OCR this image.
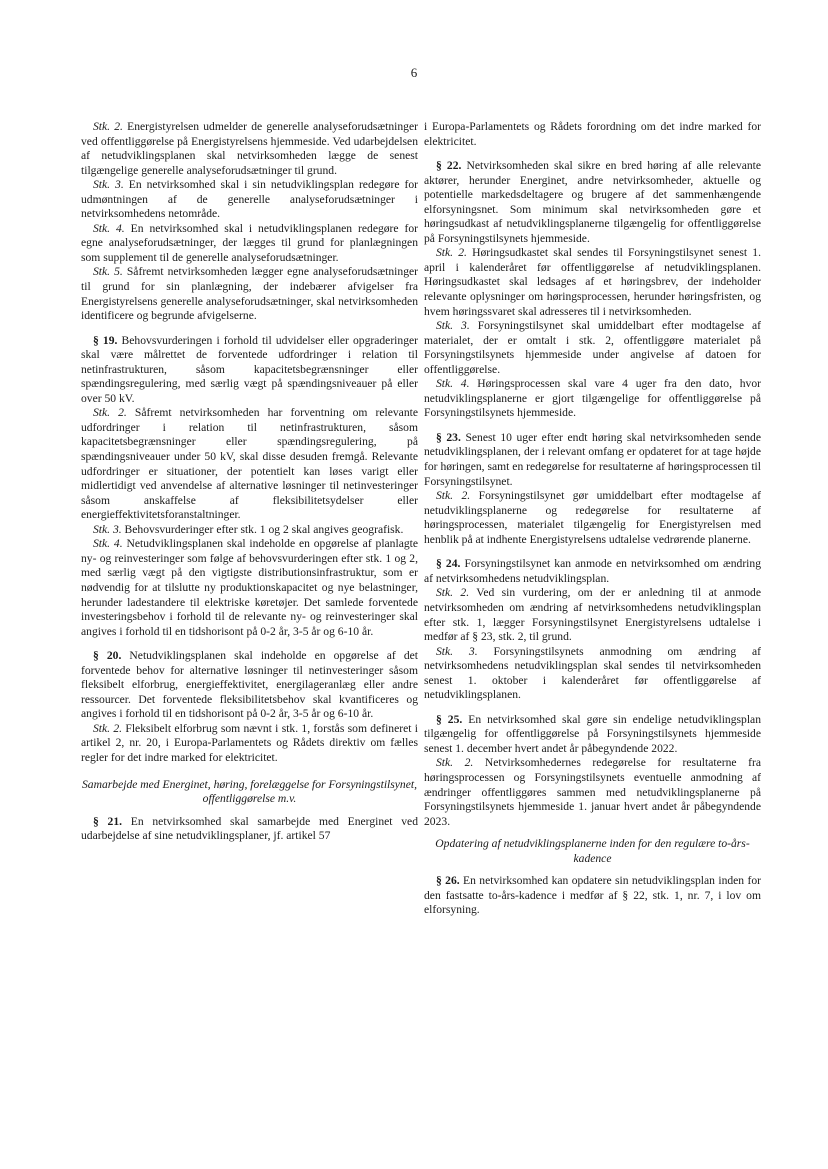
6

Stk. 2. Energistyrelsen udmelder de generelle analyseforudsætninger ved offentliggørelse på Energistyrelsens hjemmeside. Ved udarbejdelsen af netudviklingsplanen skal netvirksomheden lægge de senest tilgængelige generelle analyseforudsætninger til grund.

Stk. 3. En netvirksomhed skal i sin netudviklingsplan redegøre for udmøntningen af de generelle analyseforudsætninger i netvirksomhedens netområde.

Stk. 4. En netvirksomhed skal i netudviklingsplanen redegøre for egne analyseforudsætninger, der lægges til grund for planlægningen som supplement til de generelle analyseforudsætninger.

Stk. 5. Såfremt netvirksomheden lægger egne analyseforudsætninger til grund for sin planlægning, der indebærer afvigelser fra Energistyrelsens generelle analyseforudsætninger, skal netvirksomheden identificere og begrunde afvigelserne.

§ 19. Behovsvurderingen i forhold til udvidelser eller opgraderinger skal være målrettet de forventede udfordringer i relation til netinfrastrukturen, såsom kapacitetsbegrænsninger eller spændingsregulering, med særlig vægt på spændingsniveauer på eller over 50 kV.

Stk. 2. Såfremt netvirksomheden har forventning om relevante udfordringer i relation til netinfrastrukturen, såsom kapacitetsbegrænsninger eller spændingsregulering, på spændingsniveauer under 50 kV, skal disse desuden fremgå. Relevante udfordringer er situationer, der potentielt kan løses varigt eller midlertidigt ved anvendelse af alternative løsninger til netinvesteringer såsom anskaffelse af fleksibilitetsydelser eller energieffektivitetsforanstaltninger.

Stk. 3. Behovsvurderinger efter stk. 1 og 2 skal angives geografisk.

Stk. 4. Netudviklingsplanen skal indeholde en opgørelse af planlagte ny- og reinvesteringer som følge af behovsvurderingen efter stk. 1 og 2, med særlig vægt på den vigtigste distributionsinfrastruktur, som er nødvendig for at tilslutte ny produktionskapacitet og nye belastninger, herunder ladestandere til elektriske køretøjer. Det samlede forventede investeringsbehov i forhold til de relevante ny- og reinvesteringer skal angives i forhold til en tidshorisont på 0-2 år, 3-5 år og 6-10 år.

§ 20. Netudviklingsplanen skal indeholde en opgørelse af det forventede behov for alternative løsninger til netinvesteringer såsom fleksibelt elforbrug, energieffektivitet, energilageranlæg eller andre ressourcer. Det forventede fleksibilitetsbehov skal kvantificeres og angives i forhold til en tidshorisont på 0-2 år, 3-5 år og 6-10 år.

Stk. 2. Fleksibelt elforbrug som nævnt i stk. 1, forstås som defineret i artikel 2, nr. 20, i Europa-Parlamentets og Rådets direktiv om fælles regler for det indre marked for elektricitet.

Samarbejde med Energinet, høring, forelæggelse for Forsyningstilsynet, offentliggørelse m.v.

§ 21. En netvirksomhed skal samarbejde med Energinet ved udarbejdelse af sine netudviklingsplaner, jf. artikel 57

i Europa-Parlamentets og Rådets forordning om det indre marked for elektricitet.

§ 22. Netvirksomheden skal sikre en bred høring af alle relevante aktører, herunder Energinet, andre netvirksomheder, aktuelle og potentielle markedsdeltagere og brugere af det sammenhængende elforsyningsnet. Som minimum skal netvirksomheden gøre et høringsudkast af netudviklingsplanerne tilgængelig for offentliggørelse på Forsyningstilsynets hjemmeside.

Stk. 2. Høringsudkastet skal sendes til Forsyningstilsynet senest 1. april i kalenderåret før offentliggørelse af netudviklingsplanen. Høringsudkastet skal ledsages af et høringsbrev, der indeholder relevante oplysninger om høringsprocessen, herunder høringsfristen, og hvem høringssvaret skal adresseres til i netvirksomheden.

Stk. 3. Forsyningstilsynet skal umiddelbart efter modtagelse af materialet, der er omtalt i stk. 2, offentliggøre materialet på Forsyningstilsynets hjemmeside under angivelse af datoen for offentliggørelse.

Stk. 4. Høringsprocessen skal vare 4 uger fra den dato, hvor netudviklingsplanerne er gjort tilgængelige for offentliggørelse på Forsyningstilsynets hjemmeside.

§ 23. Senest 10 uger efter endt høring skal netvirksomheden sende netudviklingsplanen, der i relevant omfang er opdateret for at tage højde for høringen, samt en redegørelse for resultaterne af høringsprocessen til Forsyningstilsynet.

Stk. 2. Forsyningstilsynet gør umiddelbart efter modtagelse af netudviklingsplanerne og redegørelse for resultaterne af høringsprocessen, materialet tilgængelig for Energistyrelsen med henblik på at indhente Energistyrelsens udtalelse vedrørende planerne.

§ 24. Forsyningstilsynet kan anmode en netvirksomhed om ændring af netvirksomhedens netudviklingsplan.

Stk. 2. Ved sin vurdering, om der er anledning til at anmode netvirksomheden om ændring af netvirksomhedens netudviklingsplan efter stk. 1, lægger Forsyningstilsynet Energistyrelsens udtalelse i medfør af § 23, stk. 2, til grund.

Stk. 3. Forsyningstilsynets anmodning om ændring af netvirksomhedens netudviklingsplan skal sendes til netvirksomheden senest 1. oktober i kalenderåret før offentliggørelse af netudviklingsplanen.

§ 25. En netvirksomhed skal gøre sin endelige netudviklingsplan tilgængelig for offentliggørelse på Forsyningstilsynets hjemmeside senest 1. december hvert andet år påbegyndende 2022.

Stk. 2. Netvirksomhedernes redegørelse for resultaterne fra høringsprocessen og Forsyningstilsynets eventuelle anmodning af ændringer offentliggøres sammen med netudviklingsplanerne på Forsyningstilsynets hjemmeside 1. januar hvert andet år påbegyndende 2023.

Opdatering af netudviklingsplanerne inden for den regulære to-års-kadence

§ 26. En netvirksomhed kan opdatere sin netudviklingsplan inden for den fastsatte to-års-kadence i medfør af § 22, stk. 1, nr. 7, i lov om elforsyning.
